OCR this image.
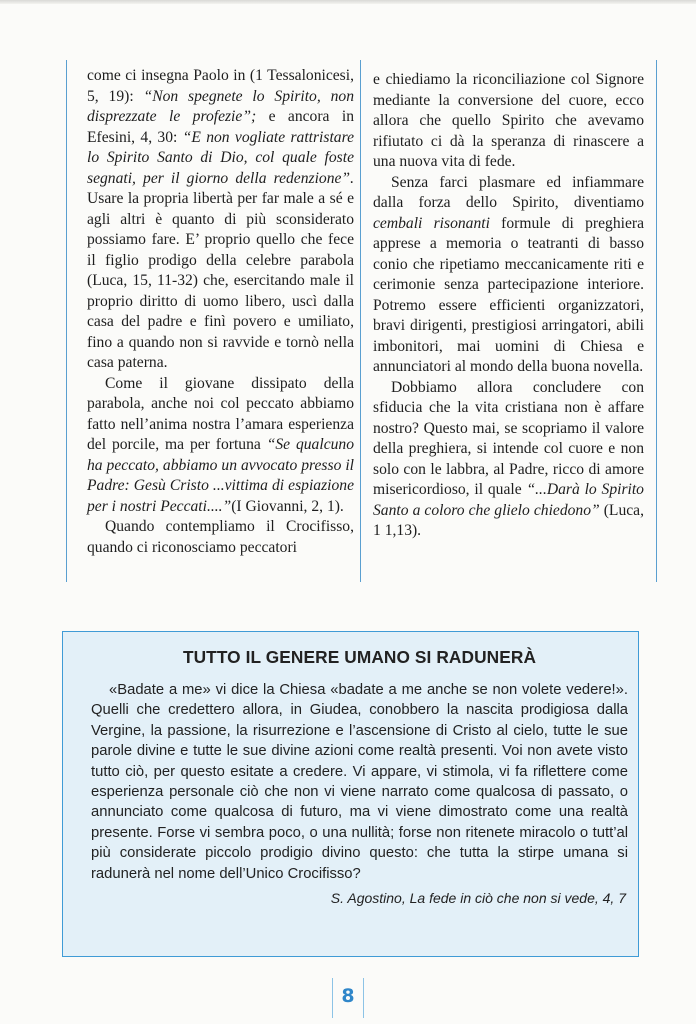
come ci insegna Paolo in (1 Tessalonicesi, 5, 19): “Non spegnete lo Spirito, non disprezzate le profezie”; e ancora in Efesini, 4, 30: “E non vogliate rattristare lo Spirito Santo di Dio, col quale foste segnati, per il giorno della redenzione”. Usare la propria libertà per far male a sé e agli altri è quanto di più sconsiderato possiamo fare. E’ proprio quello che fece il figlio prodigo della celebre parabola (Luca, 15, 11-32) che, esercitando male il proprio diritto di uomo libero, uscì dalla casa del padre e finì povero e umiliato, fino a quando non si ravvide e tornò nella casa paterna.

Come il giovane dissipato della parabola, anche noi col peccato abbiamo fatto nell’anima nostra l’amara esperienza del porcile, ma per fortuna “Se qualcuno ha peccato, abbiamo un avvocato presso il Padre: Gesù Cristo ...vittima di espiazione per i nostri Peccati....”(I Giovanni, 2, 1).

Quando contempliamo il Crocifisso, quando ci riconosciamo peccatori

e chiediamo la riconciliazione col Signore mediante la conversione del cuore, ecco allora che quello Spirito che avevamo rifiutato ci dà la speranza di rinascere a una nuova vita di fede.

Senza farci plasmare ed infiammare dalla forza dello Spirito, diventiamo cembali risonanti formule di preghiera apprese a memoria o teatranti di basso conio che ripetiamo meccanicamente riti e cerimonie senza partecipazione interiore. Potremo essere efficienti organizzatori, bravi dirigenti, prestigiosi arringatori, abili imbonitori, mai uomini di Chiesa e annunciatori al mondo della buona novella.

Dobbiamo allora concludere con sfiducia che la vita cristiana non è affare nostro? Questo mai, se scopriamo il valore della preghiera, si intende col cuore e non solo con le labbra, al Padre, ricco di amore misericordioso, il quale “...Darà lo Spirito Santo a coloro che glielo chiedono” (Luca, 1 1,13).

TUTTO IL GENERE UMANO SI RADUNERÀ

«Badate a me» vi dice la Chiesa «badate a me anche se non volete vedere!». Quelli che credettero allora, in Giudea, conobbero la nascita prodigiosa dalla Vergine, la passione, la risurrezione e l’ascensione di Cristo al cielo, tutte le sue parole divine e tutte le sue divine azioni come realtà presenti. Voi non avete visto tutto ciò, per questo esitate a credere. Vi appare, vi stimola, vi fa riflettere come esperienza personale ciò che non vi viene narrato come qualcosa di passato, o annunciato come qualcosa di futuro, ma vi viene dimostrato come una realtà presente. Forse vi sembra poco, o una nullità; forse non ritenete miracolo o tutt’al più considerate piccolo prodigio divino questo: che tutta la stirpe umana si radunerà nel nome dell’Unico Crocifisso?

S. Agostino, La fede in ciò che non si vede, 4, 7
8
